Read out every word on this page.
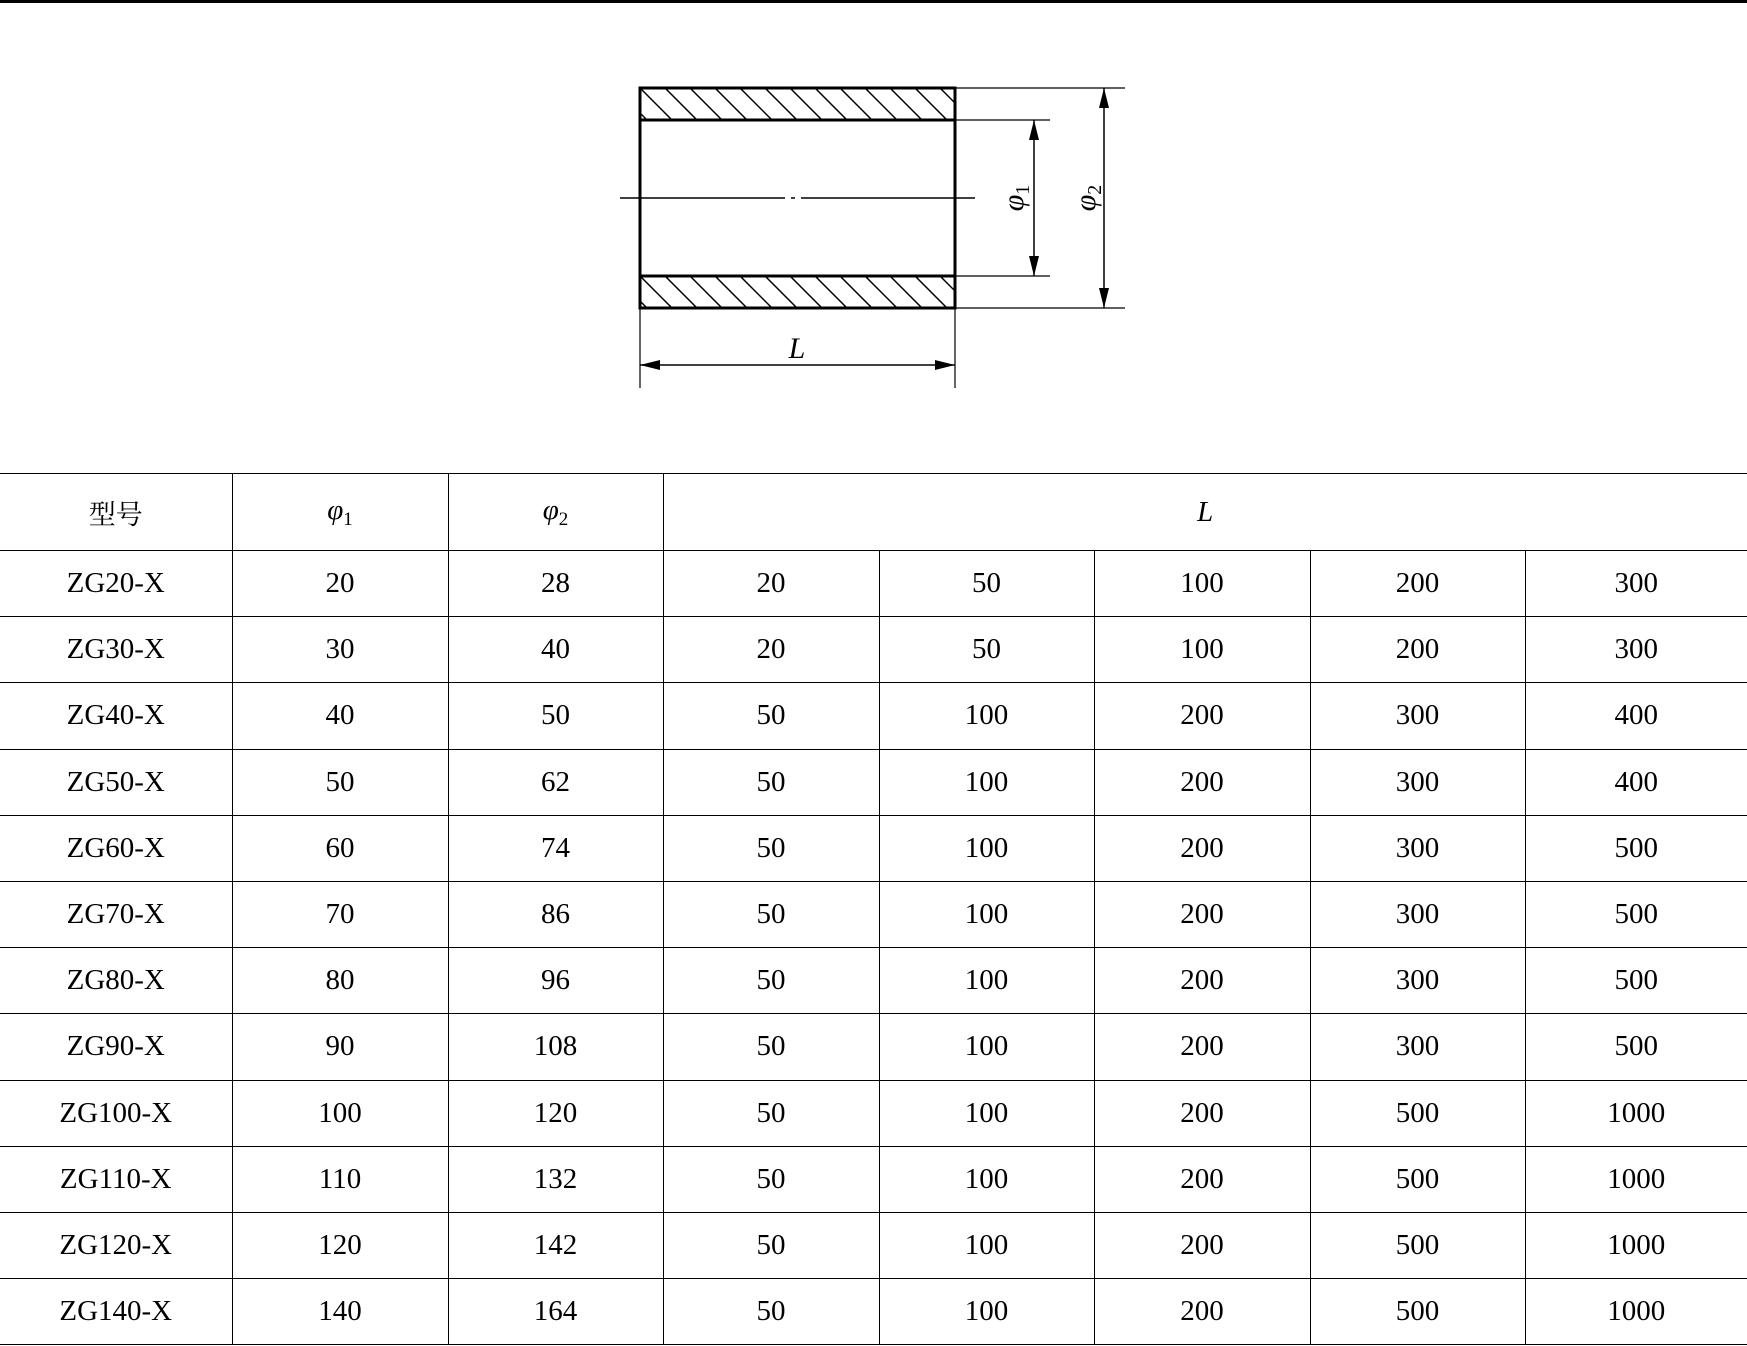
$\varphi_1$
$\varphi_2$
L
型号	$\varphi_1$	$\varphi_2$	L				
ZG20-X	20	28	20	50	100	200	300
ZG30-X	30	40	20	50	100	200	300
ZG40-X	40	50	50	100	200	300	400
ZG50-X	50	62	50	100	200	300	400
ZG60-X	60	74	50	100	200	300	500
ZG70-X	70	86	50	100	200	300	500
ZG80-X	80	96	50	100	200	300	500
ZG90-X	90	108	50	100	200	300	500
ZG100-X	100	120	50	100	200	500	1000
ZG110-X	110	132	50	100	200	500	1000
ZG120-X	120	142	50	100	200	500	1000
ZG140-X	140	164	50	100	200	500	1000
